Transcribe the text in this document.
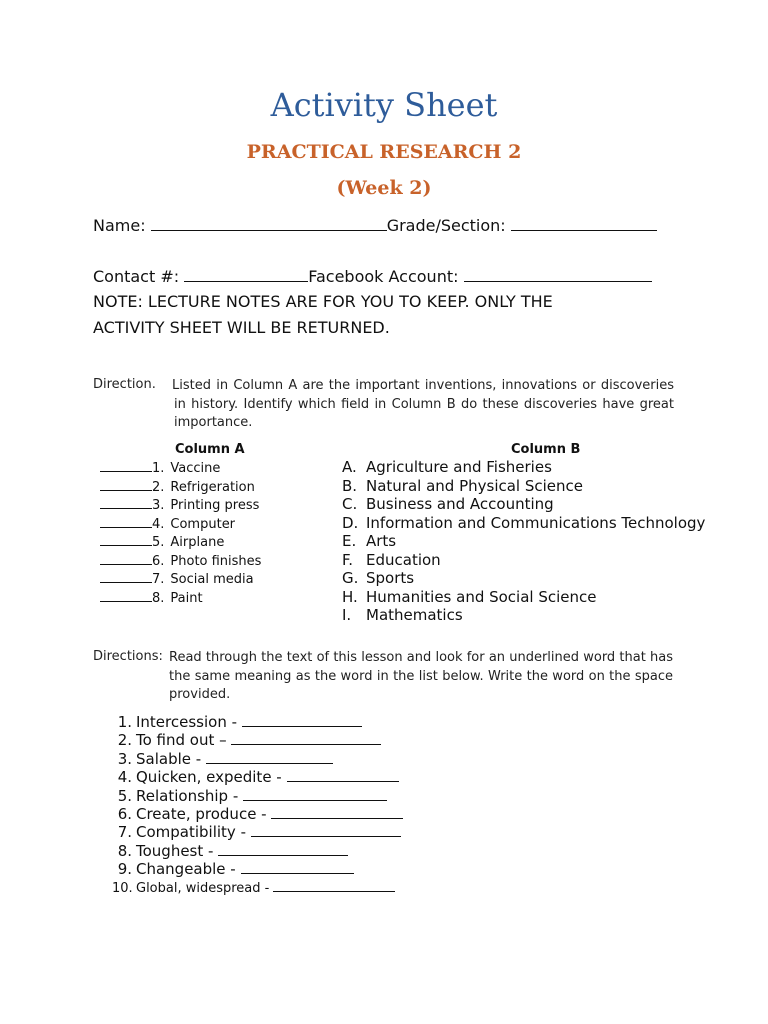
Activity Sheet
PRACTICAL RESEARCH 2
(Week 2)
Name:	Grade/Section:
Contact #:	Facebook Account:
NOTE: LECTURE NOTES ARE FOR YOU TO KEEP. ONLY THE
ACTIVITY SHEET WILL BE RETURNED.
Direction. Listed in Column A are the important inventions, innovations or discoveries in history. Identify which field in Column B do these discoveries have great importance.
Column A	Column B
1. Vaccine
2. Refrigeration
3. Printing press
4. Computer
5. Airplane
6. Photo finishes
7. Social media
8. Paint
A. Agriculture and Fisheries
B. Natural and Physical Science
C. Business and Accounting
D. Information and Communications Technology
E. Arts
F. Education
G. Sports
H. Humanities and Social Science
I. Mathematics
Directions: Read through the text of this lesson and look for an underlined word that has the same meaning as the word in the list below. Write the word on the space provided.
1. Intercession -
2. To find out –
3. Salable -
4. Quicken, expedite -
5. Relationship -
6. Create, produce -
7. Compatibility -
8. Toughest -
9. Changeable -
10. Global, widespread -
